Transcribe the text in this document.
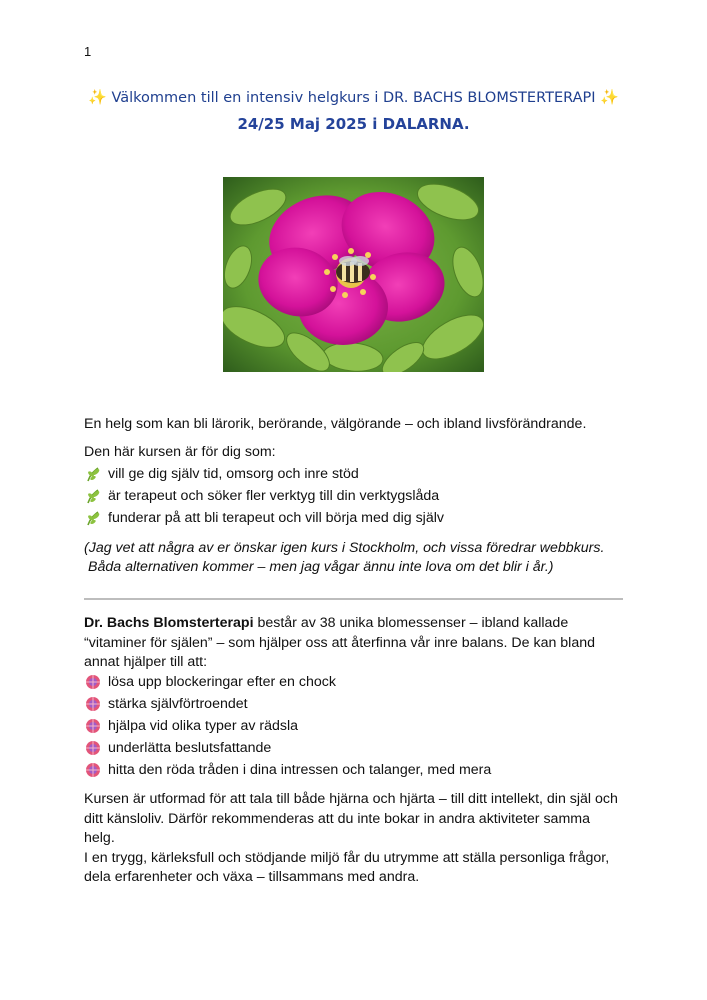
1
✨ Välkommen till en intensiv helgkurs i DR. BACHS BLOMSTERTERAPI ✨
24/25 Maj 2025 i DALARNA.
En helg som kan bli lärorik, berörande, välgörande – och ibland livsförändrande.
Den här kursen är för dig som:
vill ge dig själv tid, omsorg och inre stöd
är terapeut och söker fler verktyg till din verktygslåda
funderar på att bli terapeut och vill börja med dig själv
(Jag vet att några av er önskar igen kurs i Stockholm, och vissa föredrar webbkurs.
Båda alternativen kommer – men jag vågar ännu inte lova om det blir i år.)
Dr. Bachs Blomsterterapi består av 38 unika blomessenser – ibland kallade
“vitaminer för själen” – som hjälper oss att återfinna vår inre balans. De kan bland
annat hjälper till att:
lösa upp blockeringar efter en chock
stärka självförtroendet
hjälpa vid olika typer av rädsla
underlätta beslutsfattande
hitta den röda tråden i dina intressen och talanger, med mera
Kursen är utformad för att tala till både hjärna och hjärta – till ditt intellekt, din själ och
ditt känsloliv. Därför rekommenderas att du inte bokar in andra aktiviteter samma
helg.
I en trygg, kärleksfull och stödjande miljö får du utrymme att ställa personliga frågor,
dela erfarenheter och växa – tillsammans med andra.
